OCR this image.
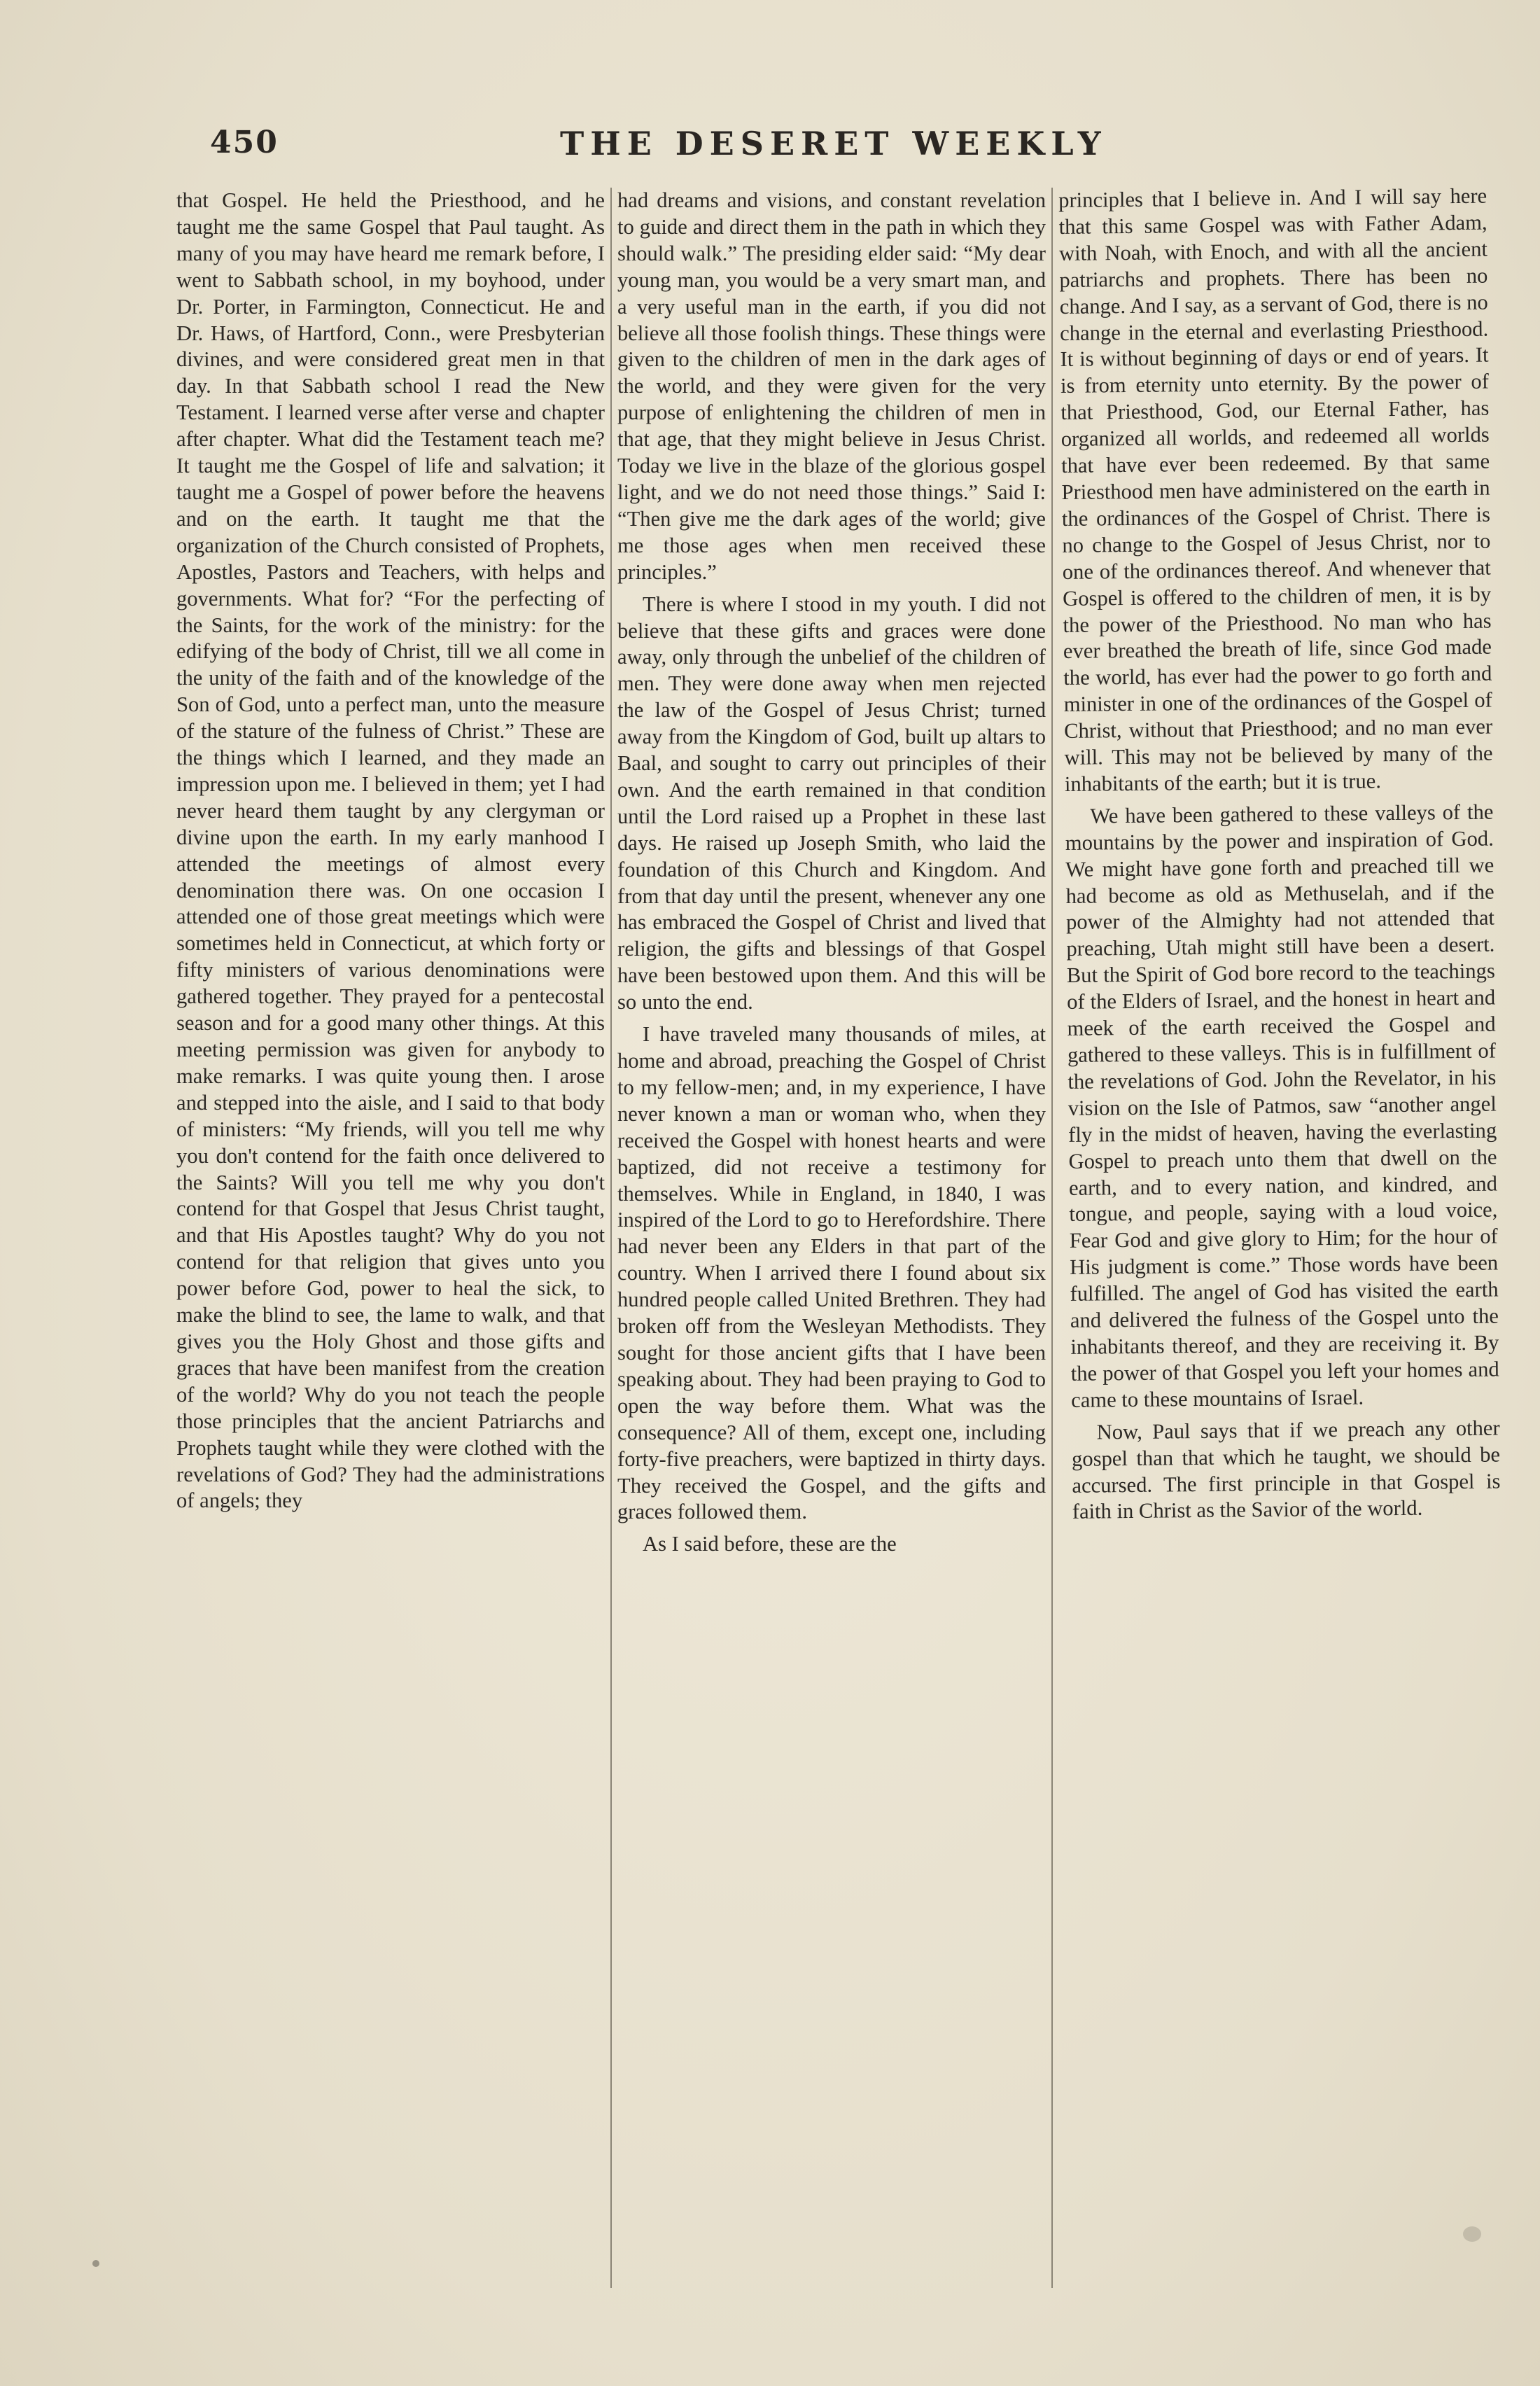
450	THE DESERET WEEKLY

that Gospel. He held the Priesthood, and he taught me the same Gospel that Paul taught. As many of you may have heard me remark before, I went to Sabbath school, in my boyhood, under Dr. Porter, in Farmington, Connecticut. He and Dr. Haws, of Hartford, Conn., were Presbyterian divines, and were considered great men in that day. In that Sabbath school I read the New Testament. I learned verse after verse and chapter after chapter. What did the Testament teach me? It taught me the Gospel of life and salvation; it taught me a Gospel of power before the heavens and on the earth. It taught me that the organization of the Church consisted of Prophets, Apostles, Pastors and Teachers, with helps and governments. What for? “For the perfecting of the Saints, for the work of the ministry: for the edifying of the body of Christ, till we all come in the unity of the faith and of the knowledge of the Son of God, unto a perfect man, unto the measure of the stature of the fulness of Christ.” These are the things which I learned, and they made an impression upon me. I believed in them; yet I had never heard them taught by any clergyman or divine upon the earth. In my early manhood I attended the meetings of almost every denomination there was. On one occasion I attended one of those great meetings which were sometimes held in Connecticut, at which forty or fifty ministers of various denominations were gathered together. They prayed for a pentecostal season and for a good many other things. At this meeting permission was given for anybody to make remarks. I was quite young then. I arose and stepped into the aisle, and I said to that body of ministers: “My friends, will you tell me why you don't contend for the faith once delivered to the Saints? Will you tell me why you don't contend for that Gospel that Jesus Christ taught, and that His Apostles taught? Why do you not contend for that religion that gives unto you power before God, power to heal the sick, to make the blind to see, the lame to walk, and that gives you the Holy Ghost and those gifts and graces that have been manifest from the creation of the world? Why do you not teach the people those principles that the ancient Patriarchs and Prophets taught while they were clothed with the revelations of God? They had the administrations of angels; they

had dreams and visions, and constant revelation to guide and direct them in the path in which they should walk.” The presiding elder said: “My dear young man, you would be a very smart man, and a very useful man in the earth, if you did not believe all those foolish things. These things were given to the children of men in the dark ages of the world, and they were given for the very purpose of enlightening the children of men in that age, that they might believe in Jesus Christ. Today we live in the blaze of the glorious gospel light, and we do not need those things.” Said I: “Then give me the dark ages of the world; give me those ages when men received these principles.”

There is where I stood in my youth. I did not believe that these gifts and graces were done away, only through the unbelief of the children of men. They were done away when men rejected the law of the Gospel of Jesus Christ; turned away from the Kingdom of God, built up altars to Baal, and sought to carry out principles of their own. And the earth remained in that condition until the Lord raised up a Prophet in these last days. He raised up Joseph Smith, who laid the foundation of this Church and Kingdom. And from that day until the present, whenever any one has embraced the Gospel of Christ and lived that religion, the gifts and blessings of that Gospel have been bestowed upon them. And this will be so unto the end.

I have traveled many thousands of miles, at home and abroad, preaching the Gospel of Christ to my fellow-men; and, in my experience, I have never known a man or woman who, when they received the Gospel with honest hearts and were baptized, did not receive a testimony for themselves. While in England, in 1840, I was inspired of the Lord to go to Herefordshire. There had never been any Elders in that part of the country. When I arrived there I found about six hundred people called United Brethren. They had broken off from the Wesleyan Methodists. They sought for those ancient gifts that I have been speaking about. They had been praying to God to open the way before them. What was the consequence? All of them, except one, including forty-five preachers, were baptized in thirty days. They received the Gospel, and the gifts and graces followed them.

As I said before, these are the

principles that I believe in. And I will say here that this same Gospel was with Father Adam, with Noah, with Enoch, and with all the ancient patriarchs and prophets. There has been no change. And I say, as a servant of God, there is no change in the eternal and everlasting Priesthood. It is without beginning of days or end of years. It is from eternity unto eternity. By the power of that Priesthood, God, our Eternal Father, has organized all worlds, and redeemed all worlds that have ever been redeemed. By that same Priesthood men have administered on the earth in the ordinances of the Gospel of Christ. There is no change to the Gospel of Jesus Christ, nor to one of the ordinances thereof. And whenever that Gospel is offered to the children of men, it is by the power of the Priesthood. No man who has ever breathed the breath of life, since God made the world, has ever had the power to go forth and minister in one of the ordinances of the Gospel of Christ, without that Priesthood; and no man ever will. This may not be believed by many of the inhabitants of the earth; but it is true.

We have been gathered to these valleys of the mountains by the power and inspiration of God. We might have gone forth and preached till we had become as old as Methuselah, and if the power of the Almighty had not attended that preaching, Utah might still have been a desert. But the Spirit of God bore record to the teachings of the Elders of Israel, and the honest in heart and meek of the earth received the Gospel and gathered to these valleys. This is in fulfillment of the revelations of God. John the Revelator, in his vision on the Isle of Patmos, saw “another angel fly in the midst of heaven, having the everlasting Gospel to preach unto them that dwell on the earth, and to every nation, and kindred, and tongue, and people, saying with a loud voice, Fear God and give glory to Him; for the hour of His judgment is come.” Those words have been fulfilled. The angel of God has visited the earth and delivered the fulness of the Gospel unto the inhabitants thereof, and they are receiving it. By the power of that Gospel you left your homes and came to these mountains of Israel.

Now, Paul says that if we preach any other gospel than that which he taught, we should be accursed. The first principle in that Gospel is faith in Christ as the Savior of the world.
